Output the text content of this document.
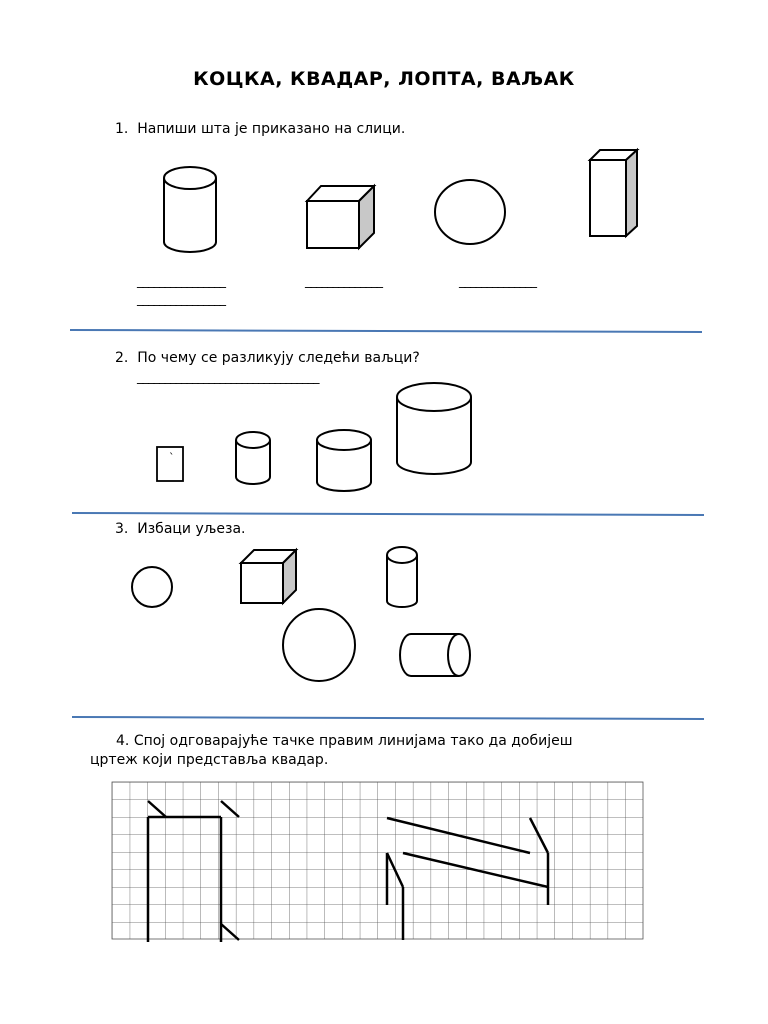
КОЦКА, КВАДАР, ЛОПТА, ВАЉАК
1. Напиши шта је приказано на слици.
________________	______________	______________
________________
2. По чему се разликују следећи ваљци?
_________________________________
3. Избаци уљеза.
4. Спој одговарајуће тачке правим линијама тако да добијеш
цртеж који представља квадар.
`
